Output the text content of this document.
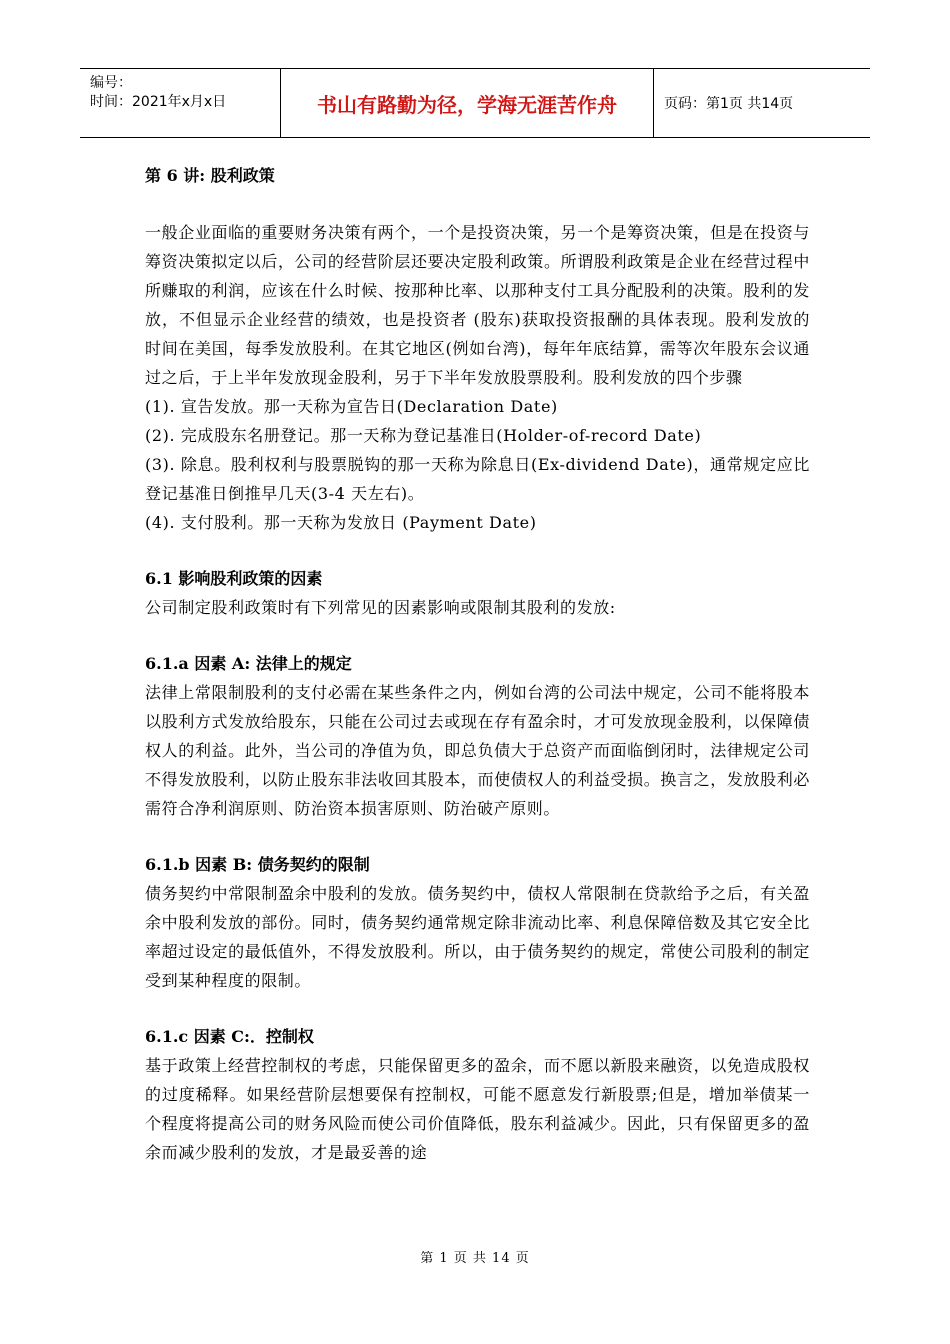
编号：
时间：2021年x月x日	书山有路勤为径，学海无涯苦作舟	页码：第1页 共14页

第 6 讲: 股利政策

一般企业面临的重要财务决策有两个，一个是投资决策，另一个是筹资决策，但是在投资与筹资决策拟定以后，公司的经营阶层还要决定股利政策。所谓股利政策是企业在经营过程中所赚取的利润，应该在什么时候、按那种比率、以那种支付工具分配股利的决策。股利的发放，不但显示企业经营的绩效，也是投资者 (股东)获取投资报酬的具体表现。股利发放的时间在美国，每季发放股利。在其它地区(例如台湾)，每年年底结算，需等次年股东会议通过之后，于上半年发放现金股利，另于下半年发放股票股利。股利发放的四个步骤

(1). 宣告发放。那一天称为宣告日(Declaration Date)

(2). 完成股东名册登记。那一天称为登记基准日(Holder-of-record Date)

(3). 除息。股利权利与股票脱钩的那一天称为除息日(Ex-dividend Date)，通常规定应比登记基准日倒推早几天(3-4 天左右)。

(4). 支付股利。那一天称为发放日 (Payment Date)

6.1 影响股利政策的因素

公司制定股利政策时有下列常见的因素影响或限制其股利的发放:

6.1.a 因素 A: 法律上的规定

法律上常限制股利的支付必需在某些条件之内，例如台湾的公司法中规定，公司不能将股本以股利方式发放给股东，只能在公司过去或现在存有盈余时，才可发放现金股利，以保障债权人的利益。此外，当公司的净值为负，即总负债大于总资产而面临倒闭时，法律规定公司不得发放股利，以防止股东非法收回其股本，而使债权人的利益受损。换言之，发放股利必需符合净利润原则、防治资本损害原则、防治破产原则。

6.1.b 因素 B: 债务契约的限制

债务契约中常限制盈余中股利的发放。债务契约中，债权人常限制在贷款给予之后，有关盈余中股利发放的部份。同时，债务契约通常规定除非流动比率、利息保障倍数及其它安全比率超过设定的最低值外，不得发放股利。所以，由于债务契约的规定，常使公司股利的制定受到某种程度的限制。

6.1.c 因素 C:．控制权

基于政策上经营控制权的考虑，只能保留更多的盈余，而不愿以新股来融资，以免造成股权的过度稀释。如果经营阶层想要保有控制权，可能不愿意发行新股票;但是，增加举债某一个程度将提高公司的财务风险而使公司价值降低，股东利益减少。因此，只有保留更多的盈余而减少股利的发放，才是最妥善的途

第 1 页 共 14 页
